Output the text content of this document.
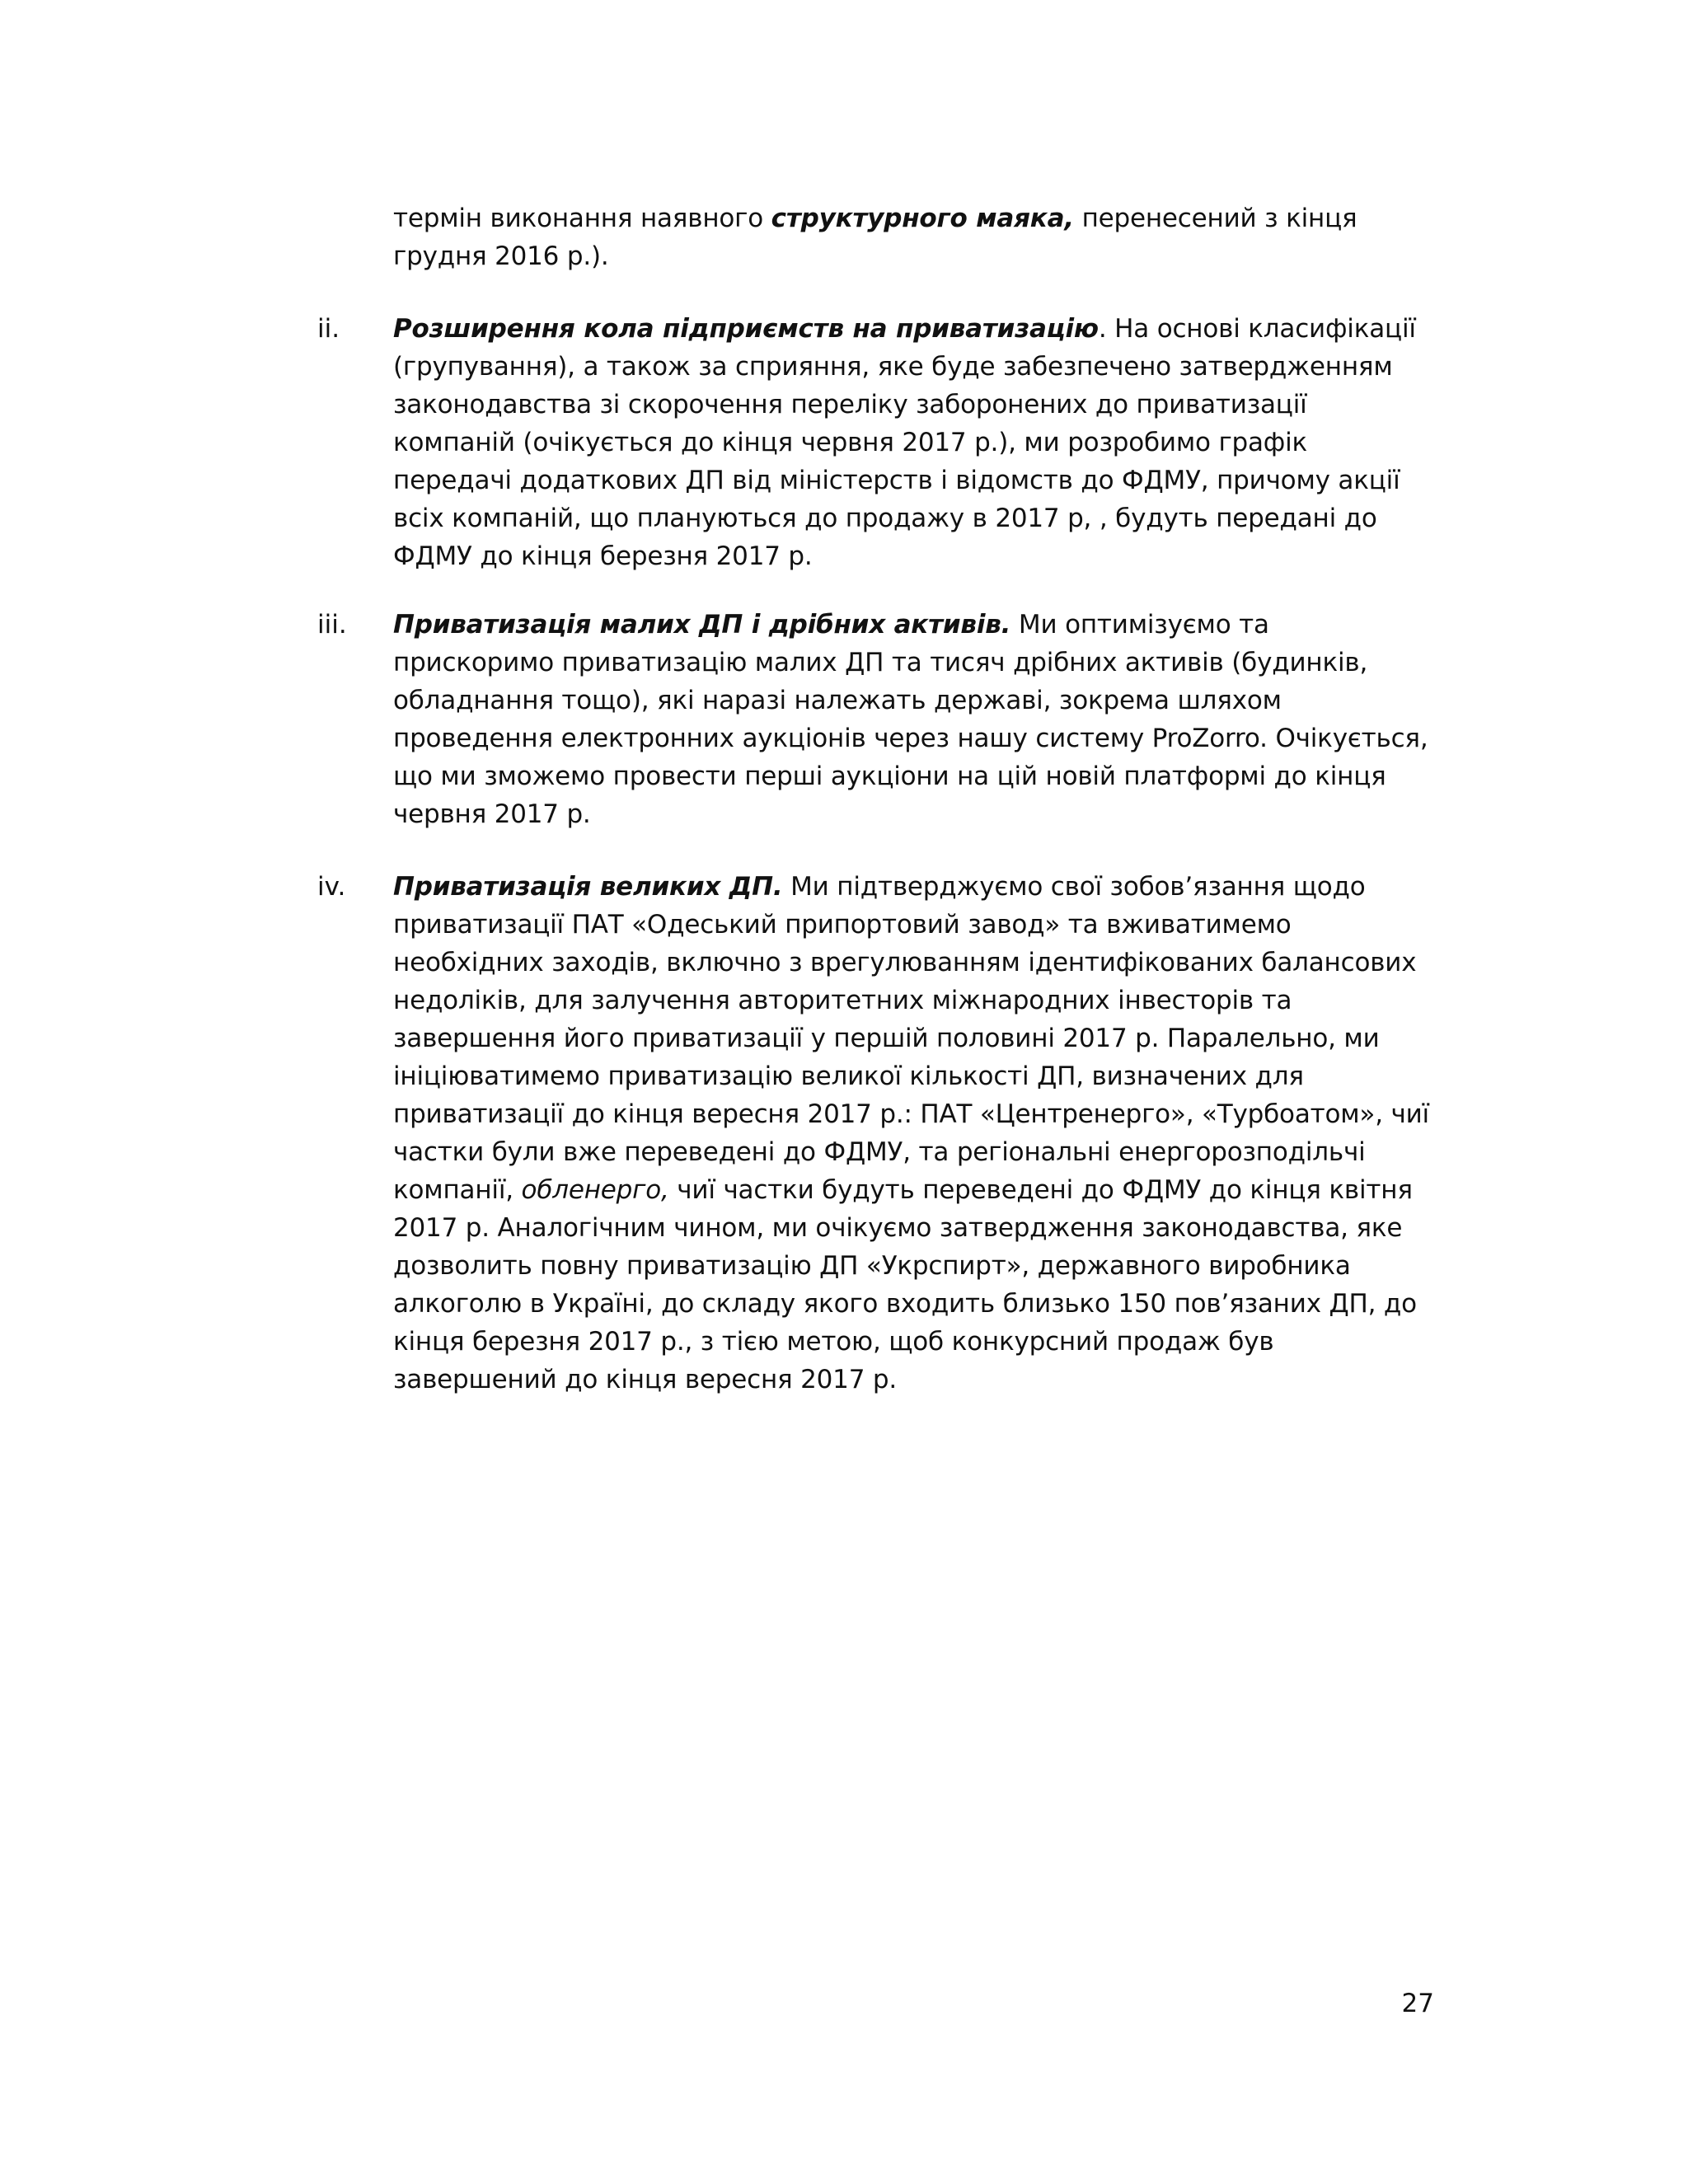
термін виконання наявного структурного маяка, перенесений з кінця грудня 2016 р.).
ii.	Розширення кола підприємств на приватизацію. На основі класифікації (групування), а також за сприяння, яке буде забезпечено затвердженням законодавства зі скорочення переліку заборонених до приватизації компаній (очікується до кінця червня 2017 р.), ми розробимо графік передачі додаткових ДП від міністерств і відомств до ФДМУ, причому акції всіх компаній, що плануються до продажу в 2017 р, , будуть передані до ФДМУ до кінця березня 2017 р.
iii.	Приватизація малих ДП і дрібних активів. Ми оптимізуємо та прискоримо приватизацію малих ДП та тисяч дрібних активів (будинків, обладнання тощо), які наразі належать державі, зокрема шляхом проведення електронних аукціонів через нашу систему ProZorro. Очікується, що ми зможемо провести перші аукціони на цій новій платформі до кінця червня 2017 р.
iv.	Приватизація великих ДП. Ми підтверджуємо свої зобов’язання щодо приватизації ПАТ «Одеський припортовий завод» та вживатимемо необхідних заходів, включно з врегулюванням ідентифікованих балансових недоліків, для залучення авторитетних міжнародних інвесторів та завершення його приватизації у першій половині 2017 р. Паралельно, ми ініціюватимемо приватизацію великої кількості ДП, визначених для приватизації до кінця вересня 2017 р.: ПАТ «Центренерго», «Турбоатом», чиї частки були вже переведені до ФДМУ, та регіональні енергорозподільчі компанії, обленерго, чиї частки будуть переведені до ФДМУ до кінця квітня 2017 р. Аналогічним чином, ми очікуємо затвердження законодавства, яке дозволить повну приватизацію ДП «Укрспирт», державного виробника алкоголю в Україні, до складу якого входить близько 150 пов’язаних ДП, до кінця березня 2017 р., з тією метою, щоб конкурсний продаж був завершений до кінця вересня 2017 р.
27
